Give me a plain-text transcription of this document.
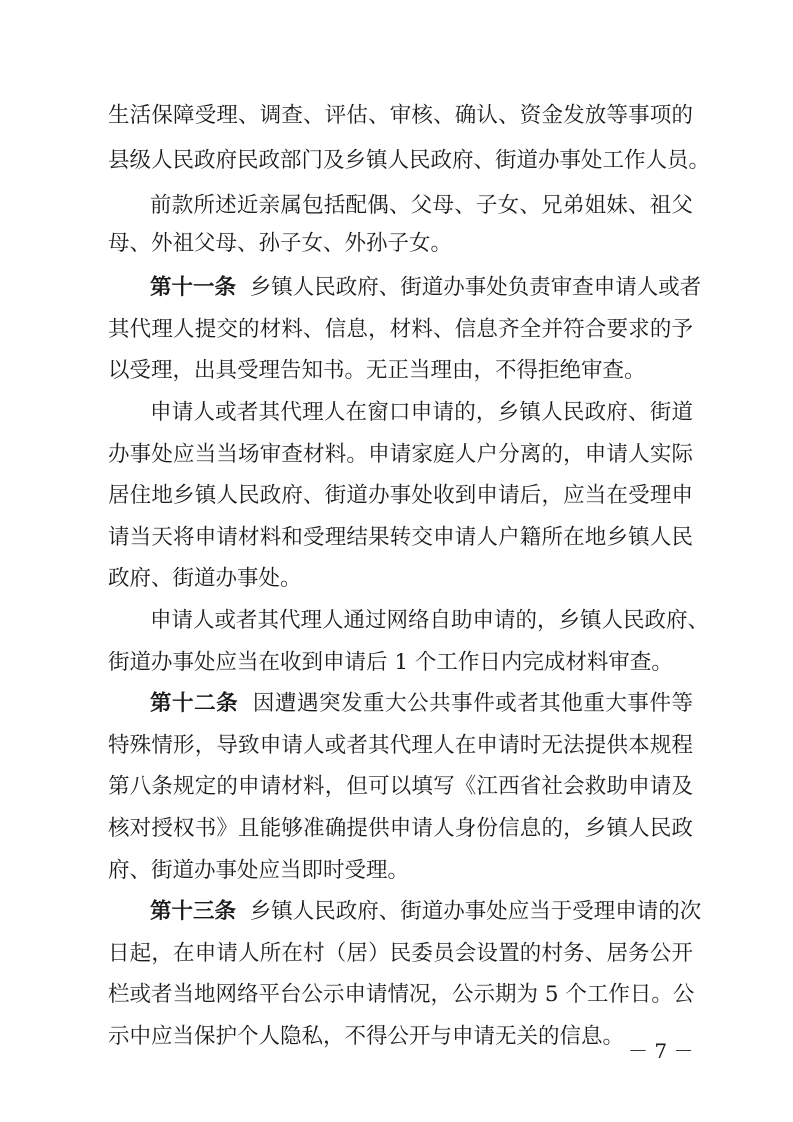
生活保障受理、调查、评估、审核、确认、资金发放等事项的
县级人民政府民政部门及乡镇人民政府、街道办事处工作人员。
前款所述近亲属包括配偶、父母、子女、兄弟姐妹、祖父
母、外祖父母、孙子女、外孙子女。
第十一条 乡镇人民政府、街道办事处负责审查申请人或者
其代理人提交的材料、信息，材料、信息齐全并符合要求的予
以受理，出具受理告知书。无正当理由，不得拒绝审查。
申请人或者其代理人在窗口申请的，乡镇人民政府、街道
办事处应当当场审查材料。申请家庭人户分离的，申请人实际
居住地乡镇人民政府、街道办事处收到申请后，应当在受理申
请当天将申请材料和受理结果转交申请人户籍所在地乡镇人民
政府、街道办事处。
申请人或者其代理人通过网络自助申请的，乡镇人民政府、
街道办事处应当在收到申请后 1 个工作日内完成材料审查。
第十二条 因遭遇突发重大公共事件或者其他重大事件等
特殊情形，导致申请人或者其代理人在申请时无法提供本规程
第八条规定的申请材料，但可以填写《江西省社会救助申请及
核对授权书》且能够准确提供申请人身份信息的，乡镇人民政
府、街道办事处应当即时受理。
第十三条 乡镇人民政府、街道办事处应当于受理申请的次
日起，在申请人所在村（居）民委员会设置的村务、居务公开
栏或者当地网络平台公示申请情况，公示期为 5 个工作日。公
示中应当保护个人隐私，不得公开与申请无关的信息。
－ 7 －
